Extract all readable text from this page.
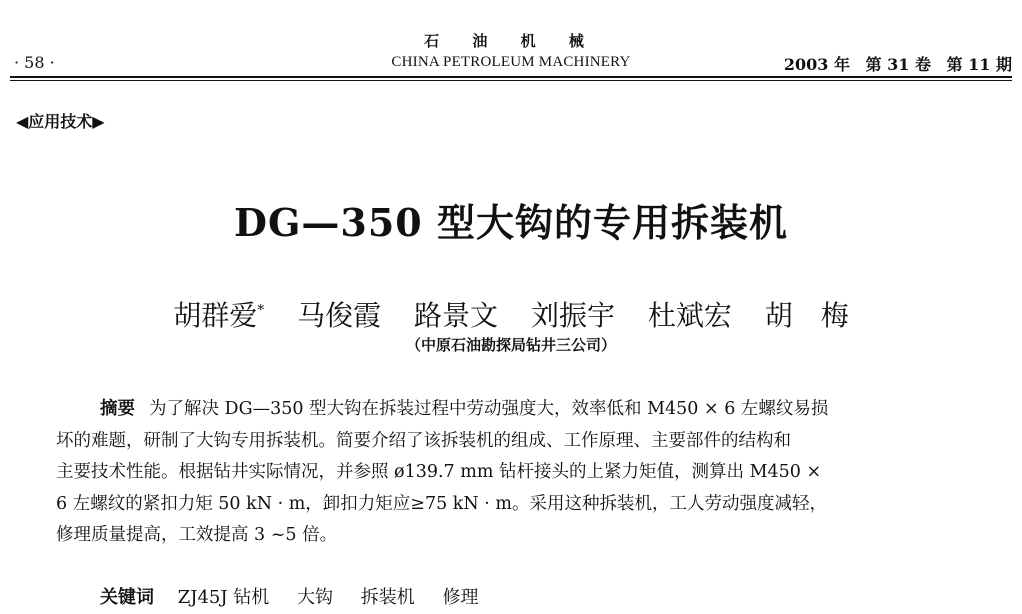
石 油 机 械
· 58 ·	CHINA PETROLEUM MACHINERY	2003 年 第 31 卷 第 11 期
◀应用技术▶
DG—350 型大钩的专用拆装机
胡群爱* 马俊霞 路景文 刘振宇 杜斌宏 胡　梅
（中原石油勘探局钻井三公司）
摘要 为了解决 DG—350 型大钩在拆装过程中劳动强度大，效率低和 M450 × 6 左螺纹易损
坏的难题，研制了大钩专用拆装机。简要介绍了该拆装机的组成、工作原理、主要部件的结构和
主要技术性能。根据钻井实际情况，并参照 ø139.7 mm 钻杆接头的上紧力矩值，测算出 M450 ×
6 左螺纹的紧扣力矩 50 kN · m，卸扣力矩应≥75 kN · m。采用这种拆装机，工人劳动强度减轻，
修理质量提高，工效提高 3 ~5 倍。
关键词 ZJ45J 钻机 大钩 拆装机 修理
